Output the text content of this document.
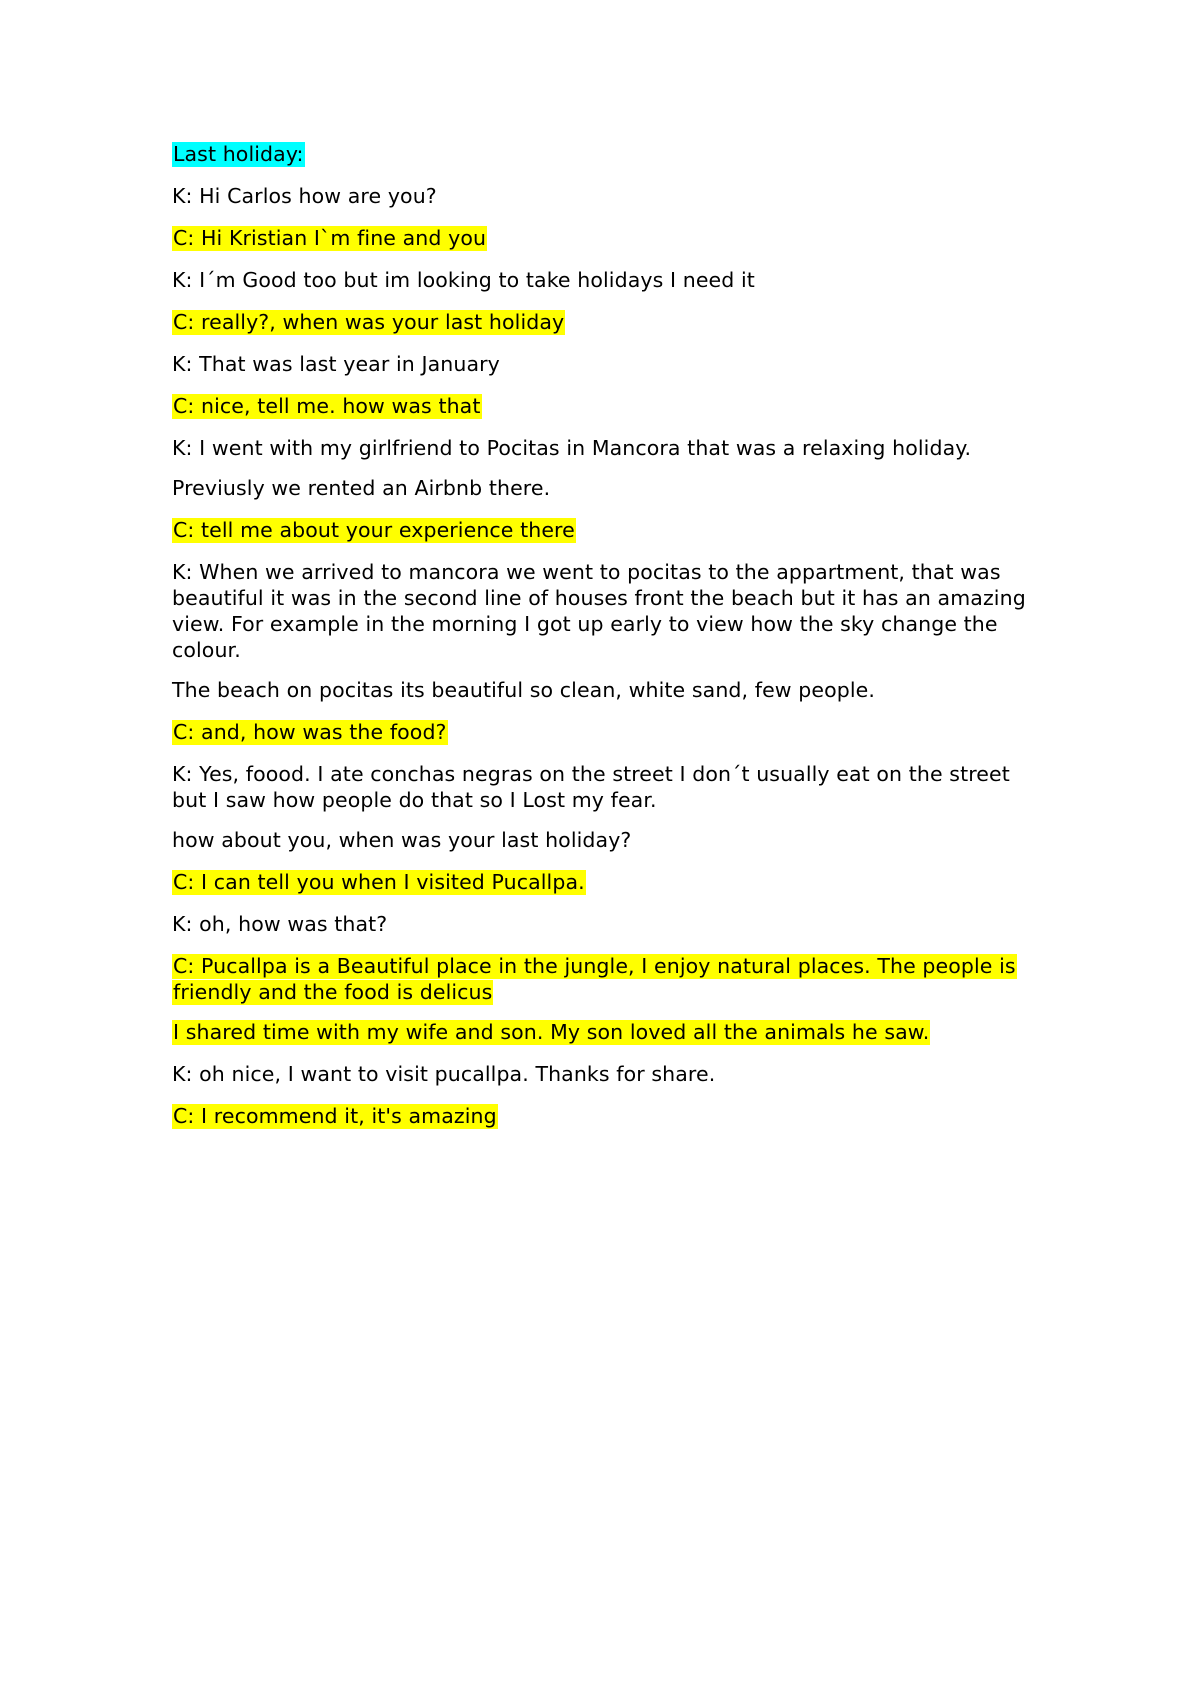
Last holiday:

K: Hi Carlos how are you?

C: Hi Kristian I`m fine and you

K: I´m Good too but im looking to take holidays I need it

C: really?, when was your last holiday

K: That was last year in January

C: nice, tell me. how was that

K: I went with my girlfriend to Pocitas in Mancora that was a relaxing holiday.

Previusly we rented an Airbnb there.

C: tell me about your experience there

K: When we arrived to mancora we went to pocitas to the appartment, that was beautiful it was in the second line of houses front the beach but it has an amazing view. For example in the morning I got up early to view how the sky change the colour.

The beach on pocitas its beautiful so clean, white sand, few people.

C: and, how was the food?

K: Yes, foood. I ate conchas negras on the street I don´t usually eat on the street but I saw how people do that so I Lost my fear.

how about you, when was your last holiday?

C: I can tell you when I visited Pucallpa.

K: oh, how was that?

C: Pucallpa is a Beautiful place in the jungle, I enjoy natural places. The people is friendly and the food is delicus

I shared time with my wife and son. My son loved all the animals he saw.

K: oh nice, I want to visit pucallpa. Thanks for share.

C: I recommend it, it's amazing
